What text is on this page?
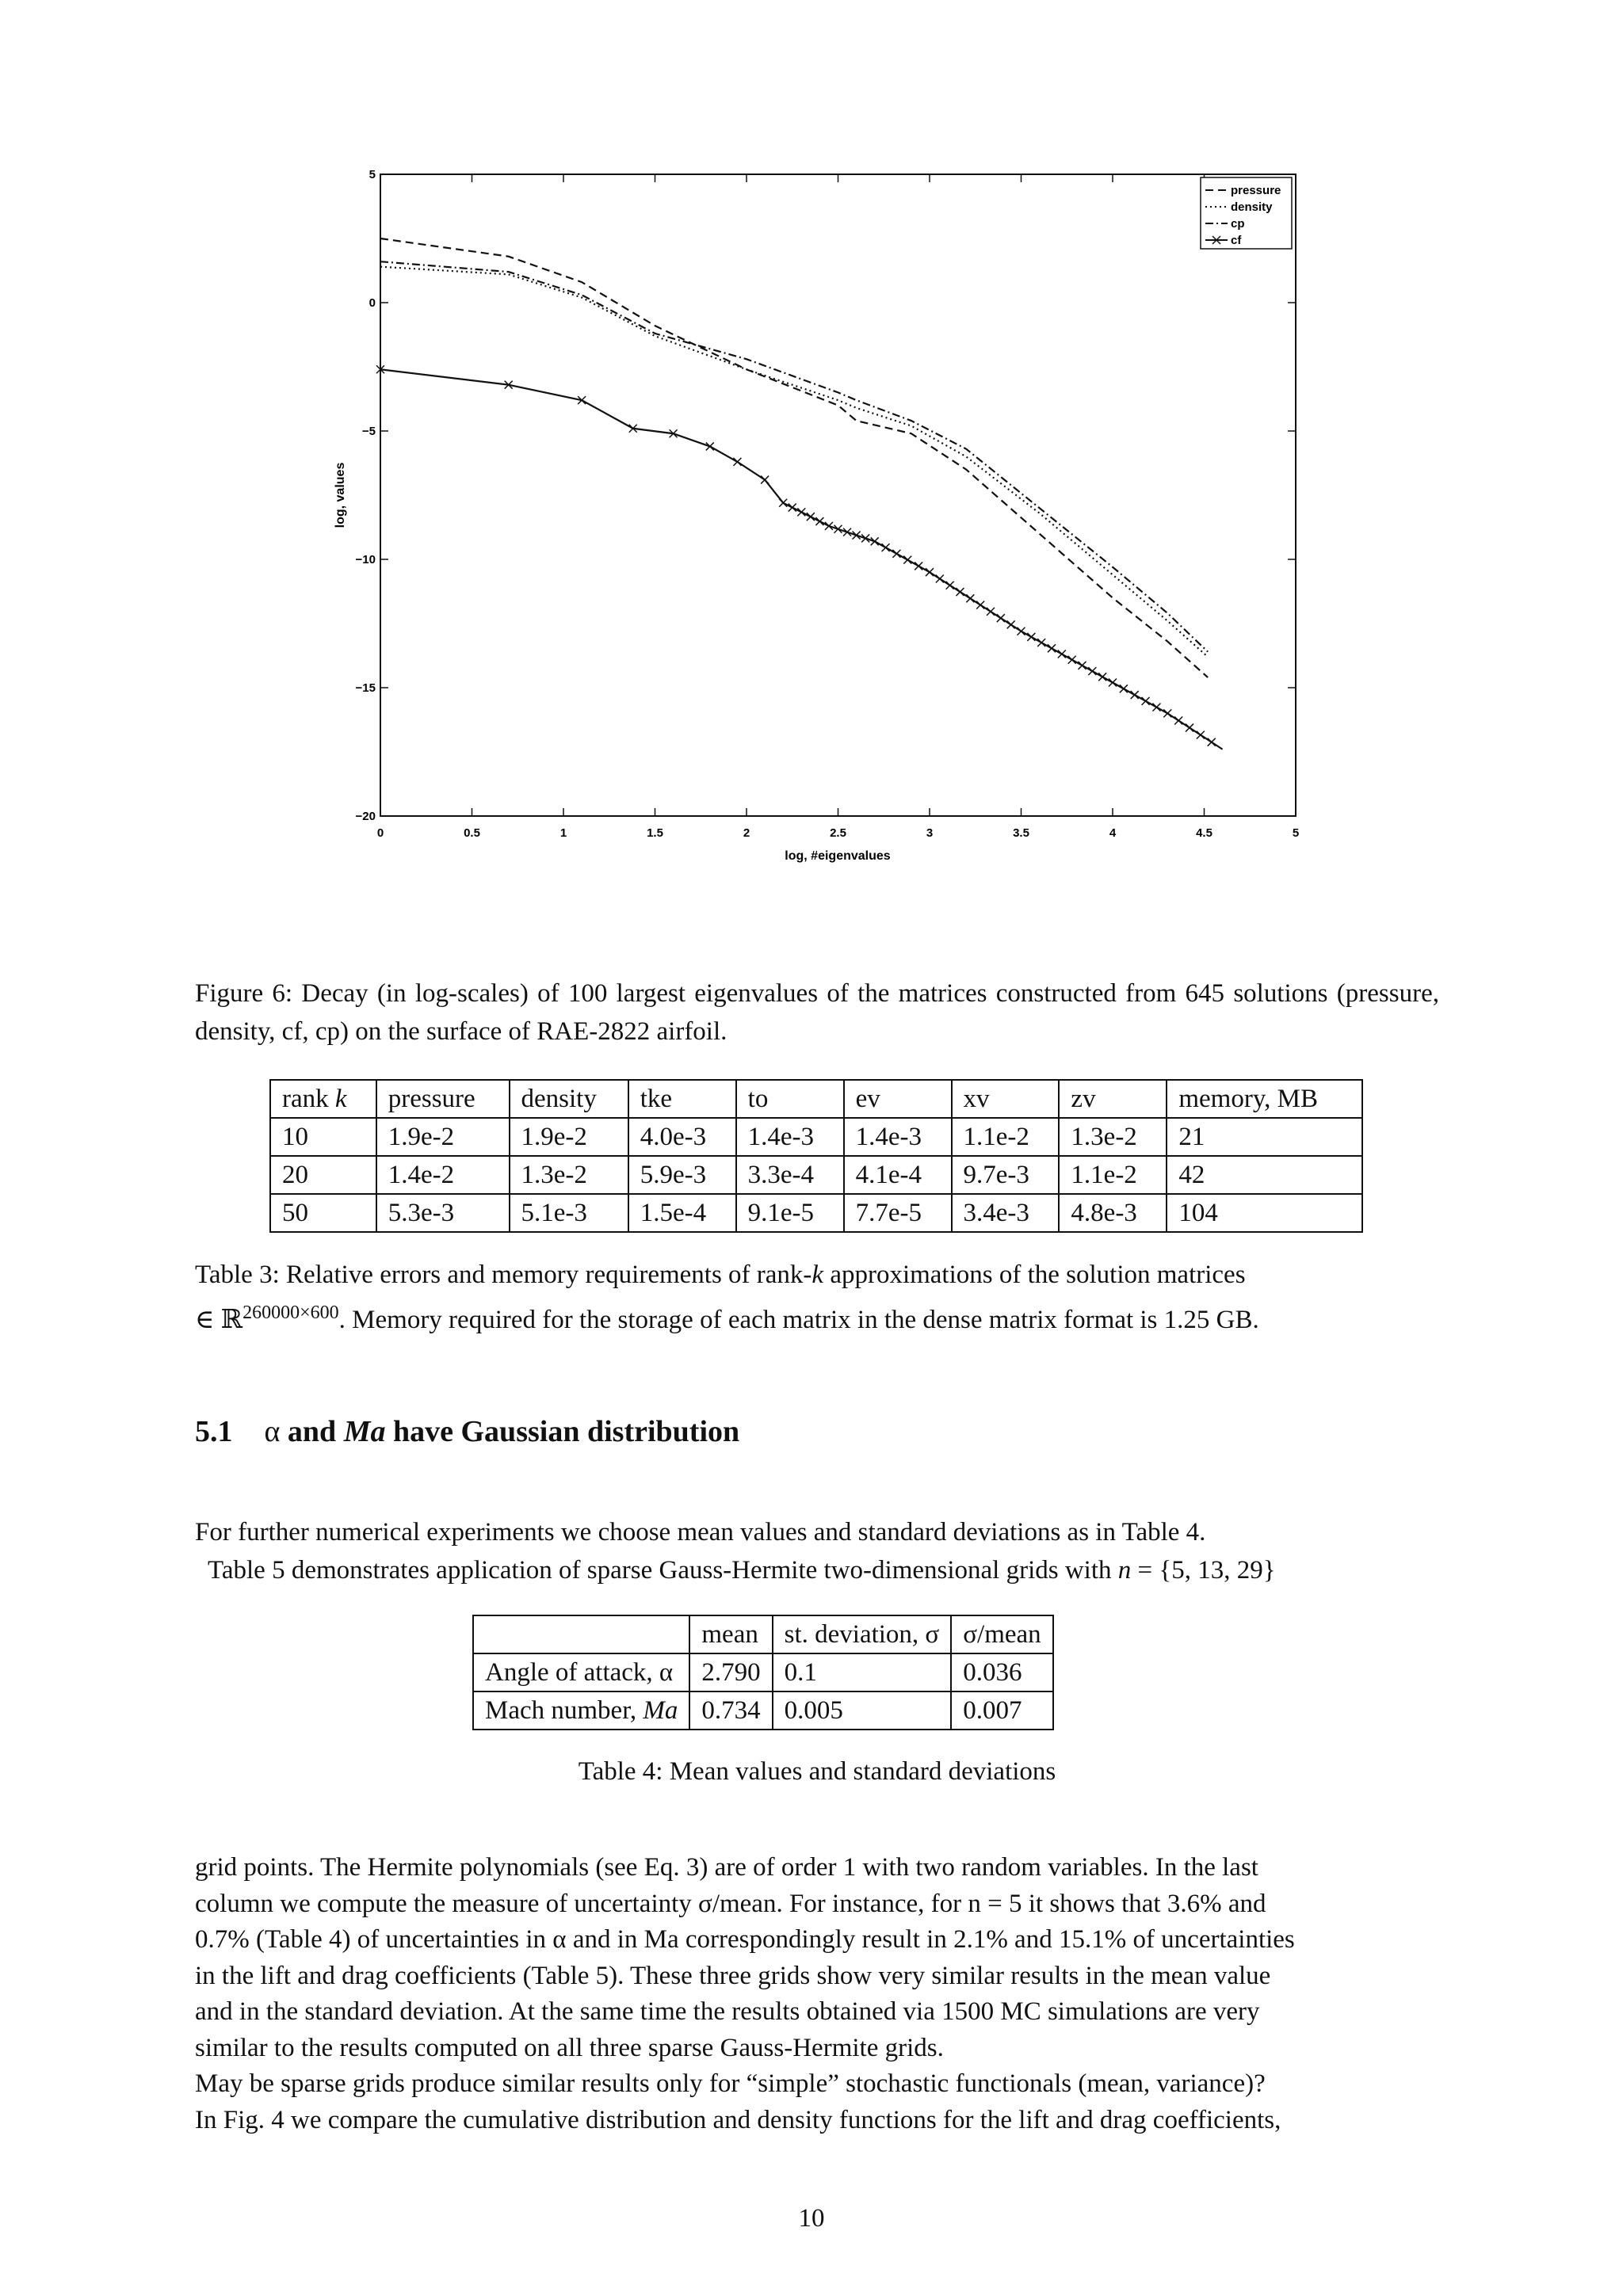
0	0.5	1	1.5	2	2.5	3	3.5	4	4.5	5
5
0
−5
−10
−15
−20
pressure
density
cp
cf
log, #eigenvalues
log, values
Figure 6: Decay (in log-scales) of 100 largest eigenvalues of the matrices constructed from 645 solutions (pressure, density, cf, cp) on the surface of RAE-2822 airfoil.
rank k	pressure	density	tke	to	ev	xv	zv	memory, MB
10	1.9e-2	1.9e-2	4.0e-3	1.4e-3	1.4e-3	1.1e-2	1.3e-2	21
20	1.4e-2	1.3e-2	5.9e-3	3.3e-4	4.1e-4	9.7e-3	1.1e-2	42
50	5.3e-3	5.1e-3	1.5e-4	9.1e-5	7.7e-5	3.4e-3	4.8e-3	104
Table 3: Relative errors and memory requirements of rank-k approximations of the solution matrices
∈ ℝ$^{260000\times 600}$. Memory required for the storage of each matrix in the dense matrix format is 1.25 GB.
5.1 α and Ma have Gaussian distribution
For further numerical experiments we choose mean values and standard deviations as in Table 4.
Table 5 demonstrates application of sparse Gauss-Hermite two-dimensional grids with n = {5, 13, 29}
	mean	st. deviation, σ	σ/mean
Angle of attack, α	2.790	0.1	0.036
Mach number, Ma	0.734	0.005	0.007
Table 4: Mean values and standard deviations
grid points. The Hermite polynomials (see Eq. 3) are of order 1 with two random variables. In the last
column we compute the measure of uncertainty σ/mean. For instance, for n = 5 it shows that 3.6% and
0.7% (Table 4) of uncertainties in α and in Ma correspondingly result in 2.1% and 15.1% of uncertainties
in the lift and drag coefficients (Table 5). These three grids show very similar results in the mean value
and in the standard deviation. At the same time the results obtained via 1500 MC simulations are very
similar to the results computed on all three sparse Gauss-Hermite grids.
May be sparse grids produce similar results only for “simple” stochastic functionals (mean, variance)?
In Fig. 4 we compare the cumulative distribution and density functions for the lift and drag coefficients,
10
